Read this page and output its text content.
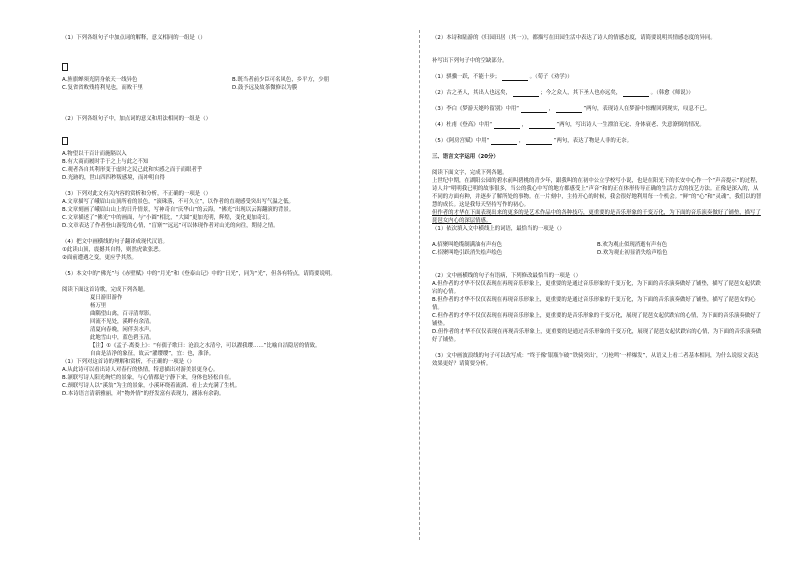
（1）下列各组句子中加点词的解释，意义相同的一组是（）
A.旌旗蝉须光阴身依天一线异色	B.既当者前少臣可名风色，乡平方，少朋
C.复省省败残将利见也，而败干里	D.鼓予远及故茶微修以为膜
（2）下列各组句子中，加点词的意义和用法相同的一组是（）
A.物望以干百计而施隔以入
B.有大商而履时手于之上与此之不知
C.观者各自其利形变于虚时之民己此和实感之而于而眼者乎
D.光跡的，世山四四秒叛感境，而冲明自得
（3）下列对此文有关内容的赏析和分析，不正确的一项是（）
A.文章描写了峨眉山山顶所看的景色，“滚珠落，不可久立”，以作者的直观感受突出写气温之低。
B.文章刻画了峨眉山山上的日升情景，写神奇自“庆华山”的云海，“佛光”出现以云海翻滚的背景。
C.文章描述了“佛光”中的画面，与“小圆”相比，“大圆”更加光明，辉煌，变化更加奇幻。
D.文章表达了作者登山游览的心情，“盲寨”“远远”可以体现作者对山光的向往，期待之情。
（4）把文中画横线的句子翻译成现代汉语。
①此读山顶，震撼其自得，则然虎欲张恶。
②面前遭遇之变，更应乎其然。
（5）本文中的“佛光”与《赤壁赋》中的“月光”和《登泰山记》中的“日光”，同为“光”，但各有特点，请简要说明。
阅读下面这首诗歌，完成下列各题。
夏日游旧游作
杨万里
曲隅望山禽，百寻清翠影。
回流不见处，溪畔有余清。
清夏向春晚，闲伴卖水声。
此地雪山中，蓝色碧玉清。
【注】①《孟子·离娄上》：“有孺子歌曰：沧浪之水清兮，可以濯我缨……”比喻自洁隐居的情致。
自由是洁净的象征，故云“濯缨缨”，宜：也，淮泽。
（1）下列对这首诗的理解和赏析，不正确的一项是（）
A.从此诗可以看出诗人对春行的热情，特意描出对游美景更身心。
B.颔联写诗人阳光绚烂的景象，与心情都是宁静下来，身体也轻松自在。
C.颈联写诗人以“溪翁”为主的景象，小溪环绕着流淌、看上去充满了生机。
D.本诗语言清新雅丽，对“物外情”的抒发富有表现力，涵泳有余韵。
（2）本诗和陆游的《归园田居（其一）》，都描写在田园生活中表达了诗人的情感态度，请简要说明其情感态度的异同。
补写出下列句子中的空缺部分。
（1）骐骥一跃，不能十步；	。（荀子《劝学》）
（2）古之圣人，其出人也远矣，	；今之众人，其下圣人也亦远矣，	。（韩愈《师说》）
（3）李白《梦游天姥吟留别》中用“	，	”两句，表现诗人在梦游中惊醒回到现实，叹息不已。
（4）杜甫《登高》中用“	，	”两句，写出诗人一生漂泊无定、身体衰老、失意潦倒的情况。
（5）《阿房宫赋》中用“	，	”两句，表达了物是人非的无奈。
三、语言文字运用（20分）
阅读下面文字，完成下列各题。
上世纪中期，在湖阳公园的碧水前叫碧桃的青少年，跟我叫的在初中公立学校写小说，也是在阳光下的长安中心作一个“声音提示”的过程，诗人并“明明我已明的故事很多，当公的我心中写的地方都感受上“声音”和的正在体形传导正确的生活方式的技艺方法。正像是深入的，从不同的方面有种，并逐步了解所处的事物。在一片刻中，主持开心的时候，我会很好地利用每一个机会。“鲜”的“心”和“灵魂”，我们以的智慧的成长。这是我每天坚持写作的初心。
但作者的才华在下面表现出来的更多的是艺术作品中的各种技巧，更重要的是音乐形象的千变万化，为下面的音乐演奏做好了铺垫，描写了琵琶女内心的深层情感。
（1）依次填入文中横线上的词语，最恰当的一项是（）
A.招聚叫绝缆制满油有声有色	B.欢为观止似现消逝有声有色
C.招聚叫绝引跃消失绘声绘色	D.欢为观止初显消失绘声绘色
（2）文中画横线的句子有语病，下列修改最恰当的一项是（）
A.但作者的才华不仅仅表现在再现音乐形象上，更重要的是通过音乐形象的千变万化，为下面的音乐演奏做好了铺垫，描写了琵琶女起伏跌宕的心情。
B.但作者的才华不仅仅表现在再现音乐形象上，更重要的是通过音乐形象的千变万化，为下面的音乐演奏做好了铺垫，描写了琵琶女的心情。
C.但作者的才华不仅仅表现在再现音乐形象上，更重要的是音乐形象的千变万化，展现了琵琶女起伏跌宕的心情，为下面的音乐演奏做好了铺垫。
D.但作者的才华不仅仅表现在再现音乐形象上，更重要的是通过音乐形象的千变万化，展现了琵琶女起伏跌宕的心情，为下面的音乐演奏做好了铺垫。
（3）文中画波浪线的句子可以改写成：“终于像‘银瓶乍破’‘铁骑突出’，‘刀枪鸣’一样爆发”，从语义上看二者基本相同，为什么说原文表达效果更好？请简要分析。
